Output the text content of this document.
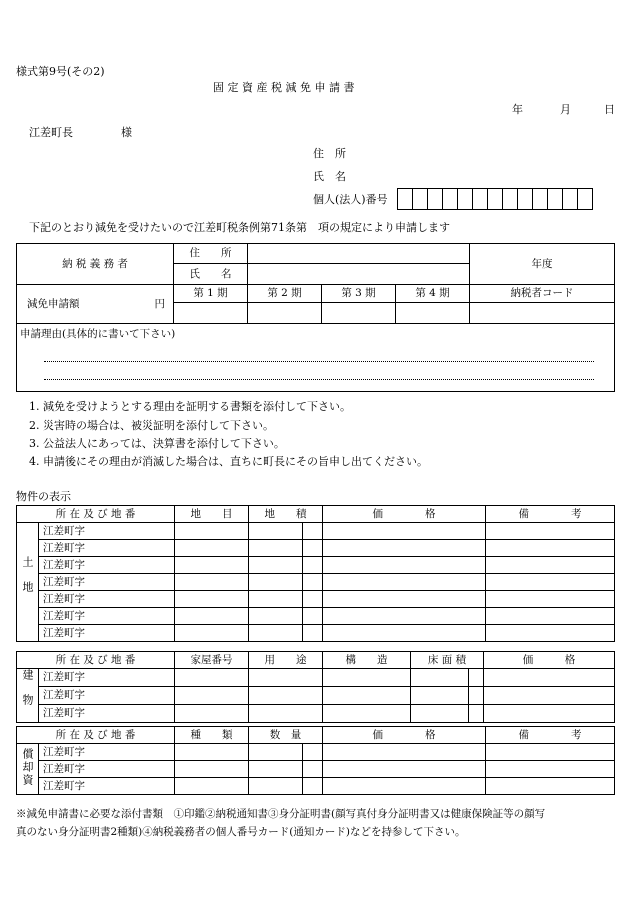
様式第9号(その2)
固 定 資 産 税 減 免 申 請 書
年	月	日
江差町長	様
住　所
氏　名
個人(法人)番号
下記のとおり減免を受けたいので江差町税条例第71条第　項の規定により申請します
納 税 義 務 者	住　　所				年度
	氏　　名				

減免申請額 円	第 1 期	第 2 期	第 3 期	第 4 期	納税者コード

申請理由(具体的に書いて下さい)					
1. 減免を受けようとする理由を証明する書類を添付して下さい。
2. 災害時の場合は、被災証明を添付して下さい。
3. 公益法人にあっては、決算書を添付して下さい。
4. 申請後にその理由が消滅した場合は、直ちに町長にその旨申し出てください。
物件の表示
所 在 及 び 地 番		地　　目	地　　積		価　　　　格	備　　　　考
土地	江差町字					
	江差町字					
	江差町字					
	江差町字					
	江差町字					
	江差町字					
	江差町字					
所 在 及 び 地 番		家屋番号	用　　途	構　　造	床 面 積		価　　　格
建物	江差町字						
	江差町字						
	江差町字						
所 在 及 び 地 番		種　　類	数　量		価　　　　格	備　　　　考
償却資	江差町字					
	江差町字					
	江差町字					
※減免申請書に必要な添付書類　①印鑑②納税通知書③身分証明書(顔写真付身分証明書又は健康保険証等の顔写
真のない身分証明書2種類)④納税義務者の個人番号カード(通知カード)などを持参して下さい。
